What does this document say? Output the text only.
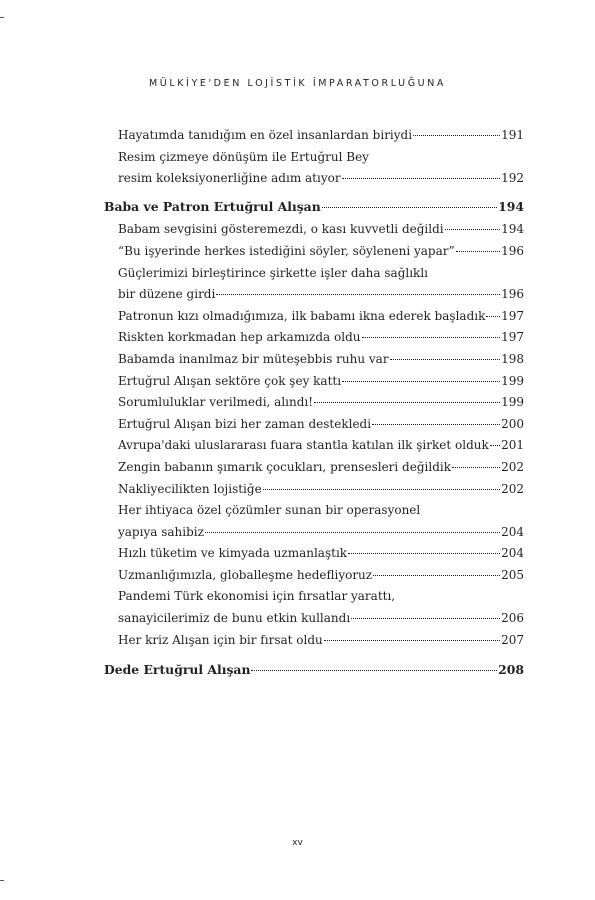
MÜLKİYE'DEN LOJİSTİK İMPARATORLUĞUNA
Hayatımda tanıdığım en özel insanlardan biriydi	191
Resim çizmeye dönüşüm ile Ertuğrul Bey
resim koleksiyonerliğine adım atıyor	192
Baba ve Patron Ertuğrul Alışan	194
Babam sevgisini gösteremezdi, o kası kuvvetli değildi	194
“Bu işyerinde herkes istediğini söyler, söyleneni yapar”	196
Güçlerimizi birleştirince şirkette işler daha sağlıklı
bir düzene girdi	196
Patronun kızı olmadığımıza, ilk babamı ikna ederek başladık 197
Riskten korkmadan hep arkamızda oldu	197
Babamda inanılmaz bir müteşebbis ruhu var	198
Ertuğrul Alışan sektöre çok şey kattı	199
Sorumluluklar verilmedi, alındı!	199
Ertuğrul Alışan bizi her zaman destekledi	200
Avrupa'daki uluslararası fuara stantla katılan ilk şirket olduk 201
Zengin babanın şımarık çocukları, prensesleri değildik	202
Nakliyecilikten lojistiğe	202
Her ihtiyaca özel çözümler sunan bir operasyonel
yapıya sahibiz	204
Hızlı tüketim ve kimyada uzmanlaştık	204
Uzmanlığımızla, globalleşme hedefliyoruz	205
Pandemi Türk ekonomisi için fırsatlar yarattı,
sanayicilerimiz de bunu etkin kullandı	206
Her kriz Alışan için bir fırsat oldu	207
Dede Ertuğrul Alışan	208
xv
